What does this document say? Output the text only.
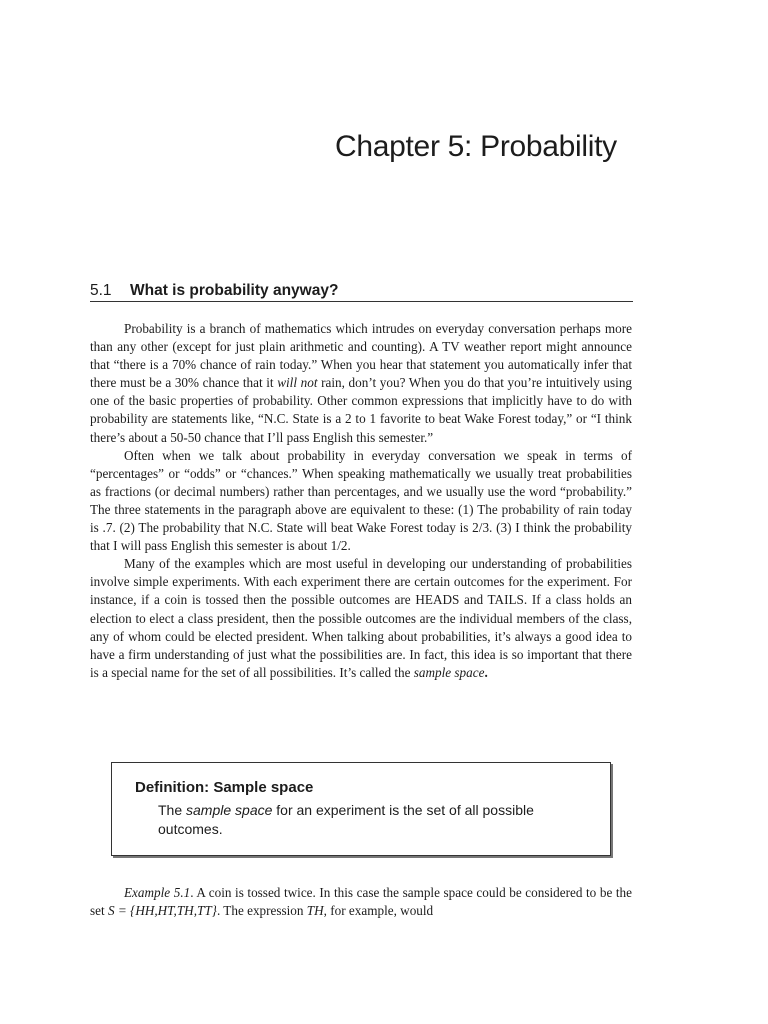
Chapter 5: Probability
5.1 What is probability anyway?

Probability is a branch of mathematics which intrudes on everyday conversation perhaps more than any other (except for just plain arithmetic and counting). A TV weather report might announce that “there is a 70% chance of rain today.” When you hear that statement you automatically infer that there must be a 30% chance that it will not rain, don’t you? When you do that you’re intuitively using one of the basic properties of probability. Other common expressions that implicitly have to do with probability are statements like, “N.C. State is a 2 to 1 favorite to beat Wake Forest today,” or “I think there’s about a 50-50 chance that I’ll pass English this semester.”

Often when we talk about probability in everyday conversation we speak in terms of “percentages” or “odds” or “chances.” When speaking mathematically we usually treat probabilities as fractions (or decimal numbers) rather than percentages, and we usually use the word “probability.” The three statements in the paragraph above are equivalent to these: (1) The probability of rain today is .7. (2) The probability that N.C. State will beat Wake Forest today is 2/3. (3) I think the probability that I will pass English this semester is about 1/2.

Many of the examples which are most useful in developing our understanding of probabilities involve simple experiments. With each experiment there are certain outcomes for the experiment. For instance, if a coin is tossed then the possible outcomes are HEADS and TAILS. If a class holds an election to elect a class president, then the possible outcomes are the individual members of the class, any of whom could be elected president. When talking about probabilities, it’s always a good idea to have a firm understanding of just what the possibilities are. In fact, this idea is so important that there is a special name for the set of all possibilities. It’s called the sample space.

Definition: Sample space
The sample space for an experiment is the set of all possible outcomes.

Example 5.1. A coin is tossed twice. In this case the sample space could be considered to be the set S = {HH,HT,TH,TT}. The expression TH, for example, would
